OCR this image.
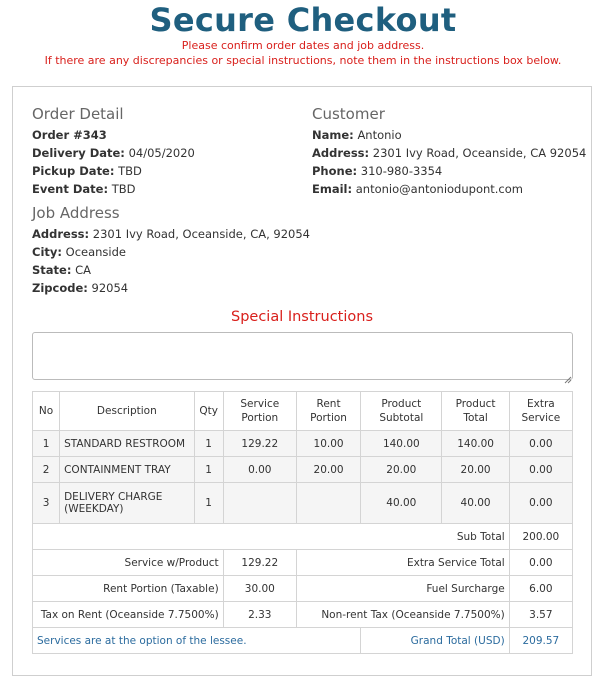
Secure Checkout
Please confirm order dates and job address.
If there are any discrepancies or special instructions, note them in the instructions box below.
Order Detail
Order #343
Delivery Date: 04/05/2020
Pickup Date: TBD
Event Date: TBD
Customer
Name: Antonio
Address: 2301 Ivy Road, Oceanside, CA 92054
Phone: 310-980-3354
Email: antonio@antoniodupont.com
Job Address
Address: 2301 Ivy Road, Oceanside, CA, 92054
City: Oceanside
State: CA
Zipcode: 92054
Special Instructions
No	Description	Qty	Service Portion	Rent Portion	Product Subtotal	Product Total	Extra Service
1	STANDARD RESTROOM	1	129.22	10.00	140.00	140.00	0.00
2	CONTAINMENT TRAY	1	0.00	20.00	20.00	20.00	0.00
3	DELIVERY CHARGE (WEEKDAY)	1			40.00	40.00	0.00
Sub Total							200.00
Service w/Product			129.22	Extra Service Total			0.00
Rent Portion (Taxable)			30.00	Fuel Surcharge			6.00
Tax on Rent (Oceanside 7.7500%)			2.33	Non-rent Tax (Oceanside 7.7500%)			3.57
Services are at the option of the lessee.					Grand Total (USD)		209.57
